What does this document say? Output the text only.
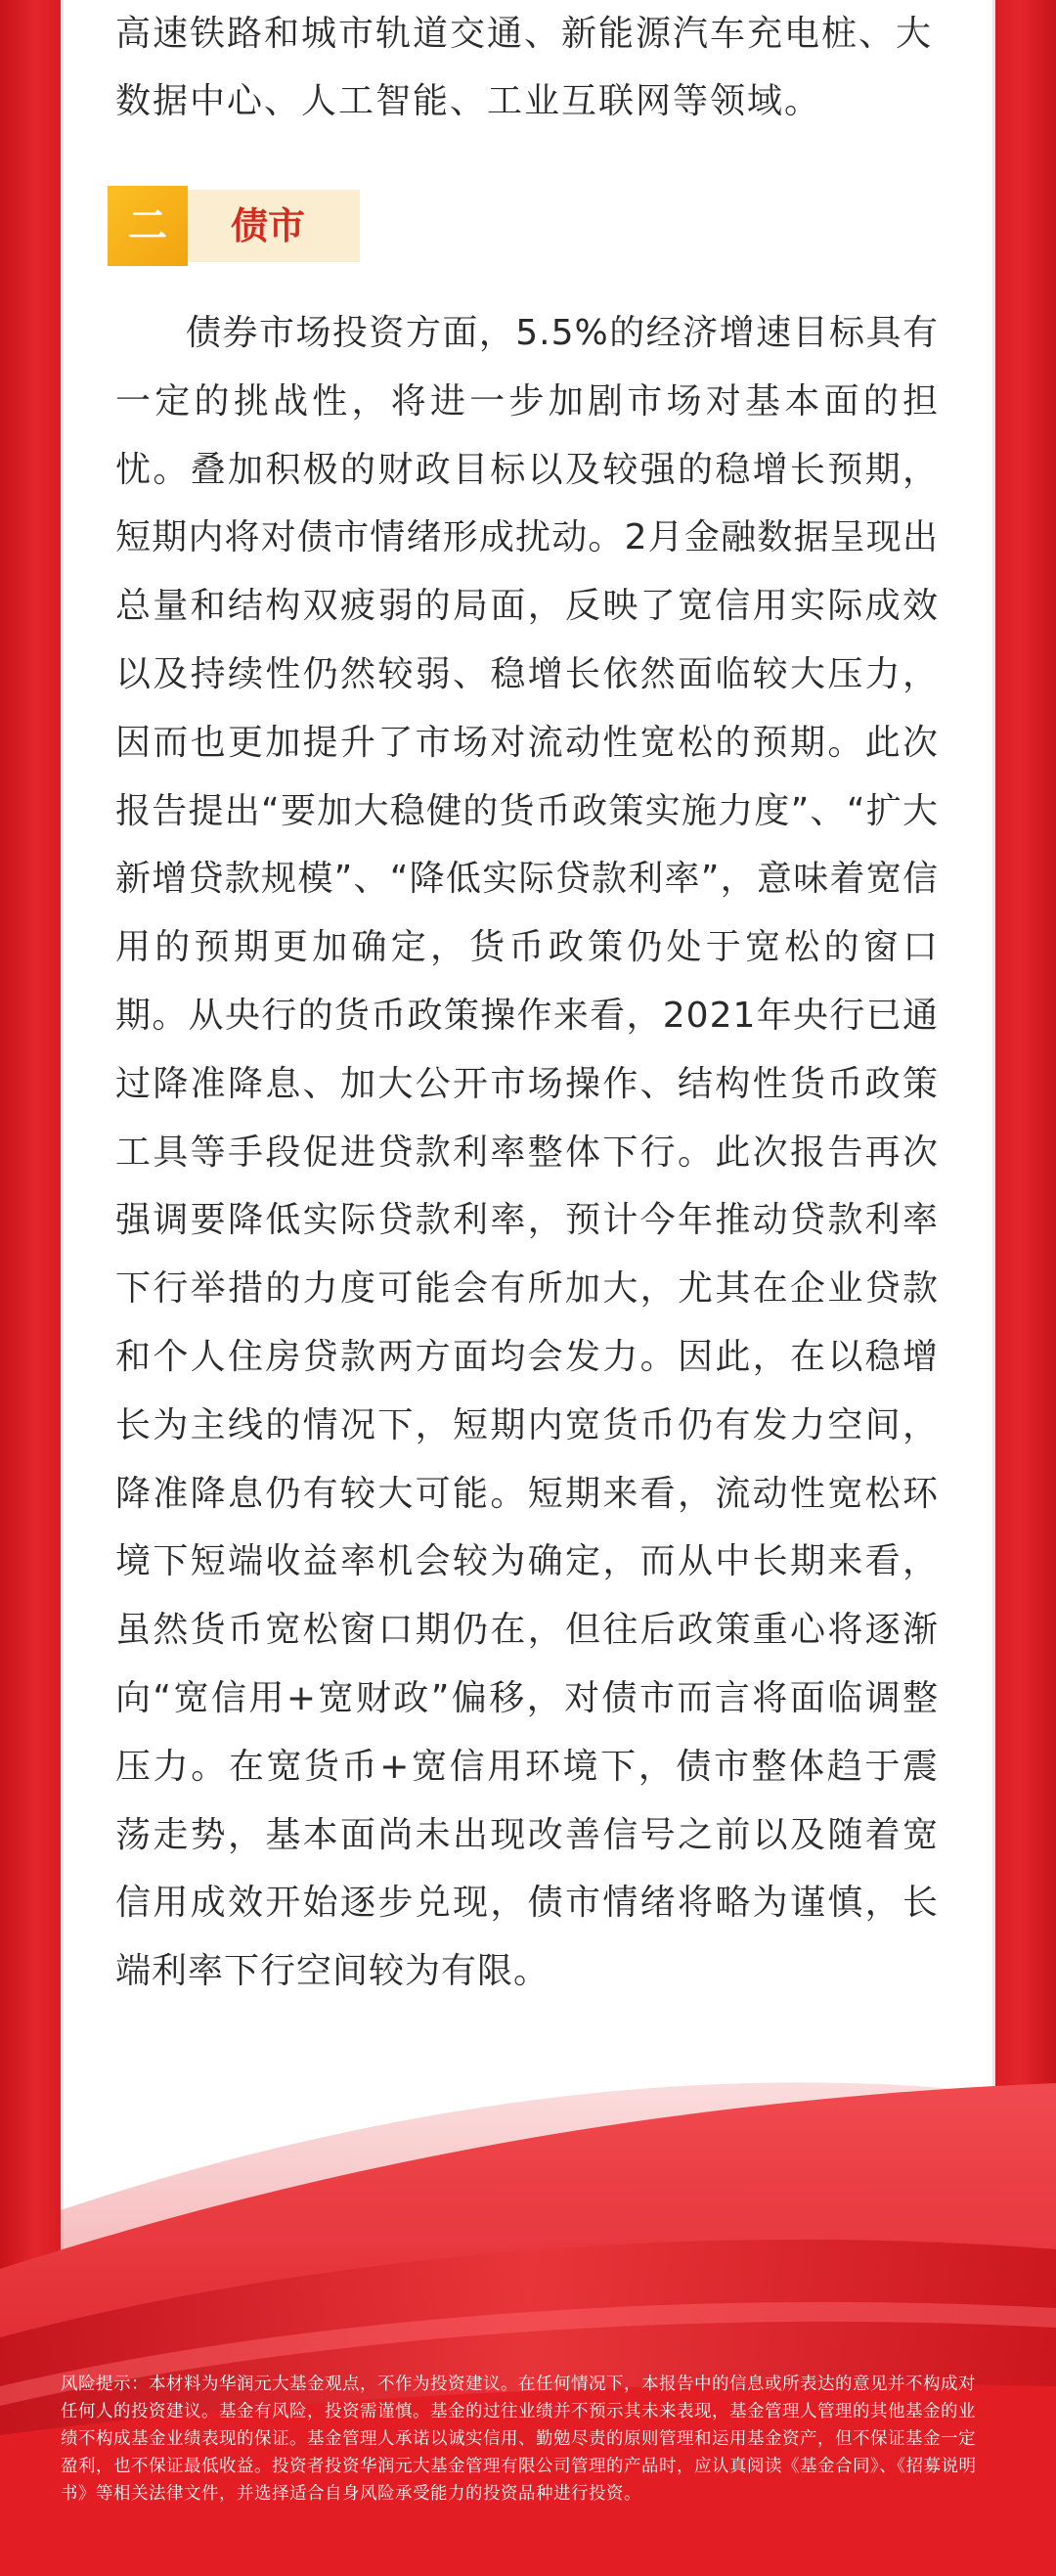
高速铁路和城市轨道交通、新能源汽车充电桩、大
数据中心、人工智能、工业互联网等领域。
二	债市

债券市场投资方面，5.5%的经济增速目标具有一定的挑战性，将进一步加剧市场对基本面的担忧。叠加积极的财政目标以及较强的稳增长预期，短期内将对债市情绪形成扰动。2月金融数据呈现出总量和结构双疲弱的局面，反映了宽信用实际成效以及持续性仍然较弱、稳增长依然面临较大压力，因而也更加提升了市场对流动性宽松的预期。此次报告提出“要加大稳健的货币政策实施力度”、“扩大新增贷款规模”、“降低实际贷款利率”，意味着宽信用的预期更加确定，货币政策仍处于宽松的窗口期。从央行的货币政策操作来看，2021年央行已通过降准降息、加大公开市场操作、结构性货币政策工具等手段促进贷款利率整体下行。此次报告再次强调要降低实际贷款利率，预计今年推动贷款利率下行举措的力度可能会有所加大，尤其在企业贷款和个人住房贷款两方面均会发力。因此，在以稳增长为主线的情况下，短期内宽货币仍有发力空间，降准降息仍有较大可能。短期来看，流动性宽松环境下短端收益率机会较为确定，而从中长期来看，虽然货币宽松窗口期仍在，但往后政策重心将逐渐向“宽信用+宽财政”偏移，对债市而言将面临调整压力。在宽货币+宽信用环境下，债市整体趋于震荡走势，基本面尚未出现改善信号之前以及随着宽信用成效开始逐步兑现，债市情绪将略为谨慎，长端利率下行空间较为有限。

风险提示：本材料为华润元大基金观点，不作为投资建议。在任何情况下，本报告中的信息或所表达的意见并不构成对任何人的投资建议。基金有风险，投资需谨慎。基金的过往业绩并不预示其未来表现，基金管理人管理的其他基金的业绩不构成基金业绩表现的保证。基金管理人承诺以诚实信用、勤勉尽责的原则管理和运用基金资产，但不保证基金一定盈利，也不保证最低收益。投资者投资华润元大基金管理有限公司管理的产品时，应认真阅读《基金合同》、《招募说明书》等相关法律文件，并选择适合自身风险承受能力的投资品种进行投资。
